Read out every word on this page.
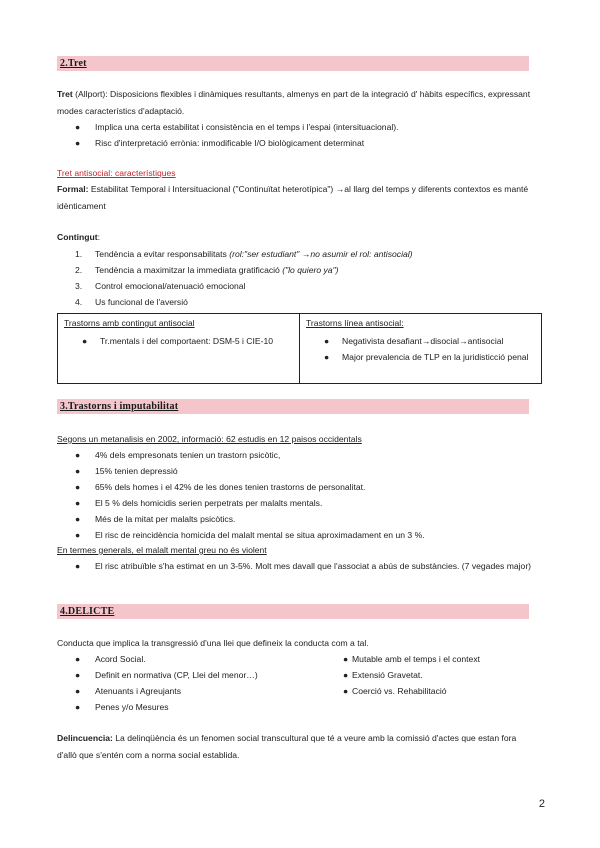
2.Tret
Tret (Allport): Disposicions flexibles i dinàmiques resultants, almenys en part de la integració d' hàbits específics, expressant modes característics d'adaptació.
● Implica una certa estabilitat i consistència en el temps i l'espai (intersituacional).
● Risc d'interpretació errònia: inmodificable I/O biològicament determinat
Tret antisocial: característiques
Formal: Estabilitat Temporal i Intersituacional ("Continuïtat heterotípica") →al llarg del temps y diferents contextos es manté idènticament
Contingut:
1. Tendència a evitar responsabilitats (rol:"ser estudiant" →no asumir el rol: antisocial)
2. Tendència a maximitzar la immediata gratificació ("lo quiero ya")
3. Control emocional/atenuació emocional
4. Us funcional de l'aversió
Trastorns amb contingut antisocial
● Tr.mentals i del comportaent: DSM-5 i CIE-10

Trastorns línea antisocial:
● Negativista desafiant→disocial→antisocial
● Major prevalencia de TLP en la juridisticció penal
3.Trastorns i imputabilitat
Segons un metanalisis en 2002, informació: 62 estudis en 12 paisos occidentals
● 4% dels empresonats tenien un trastorn psicòtic,
● 15% tenien depressió
● 65% dels homes i el 42% de les dones tenien trastorns de personalitat.
● El 5 % dels homicidis serien perpetrats per malalts mentals.
● Més de la mitat per malalts psicòtics.
● El risc de reincidència homicida del malalt mental se situa aproximadament en un 3 %.
En termes generals, el malalt mental greu no és violent
● El risc atribuïble s'ha estimat en un 3-5%. Molt mes davall que l'associat a abús de substàncies. (7 vegades major)
4.DELICTE
Conducta que implica la transgressió d'una llei que defineix la conducta com a tal.
● Acord Social.
● Definit en normativa (CP, Llei del menor…)
● Atenuants i Agreujants
● Penes y/o Mesures
● Mutable amb el temps i el context
● Extensió Gravetat.
● Coerció vs. Rehabilitació
Delincuencia: La delinqüència és un fenomen social transcultural que té a veure amb la comissió d'actes que estan fora d'allò que s'entén com a norma social establida.
2
